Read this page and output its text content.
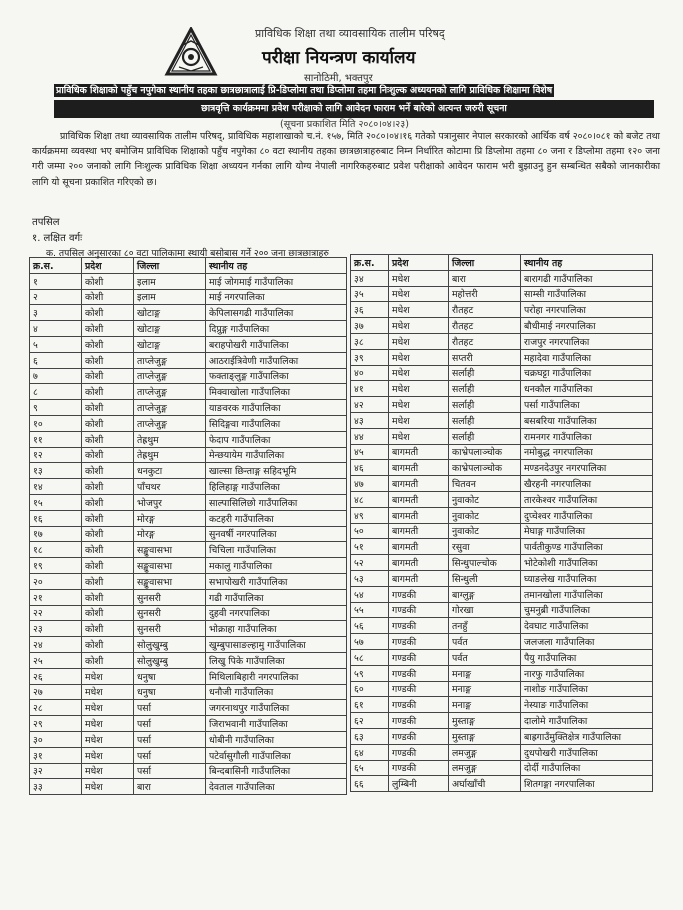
प्राविधिक शिक्षा तथा व्यावसायिक तालीम परिषद्
परीक्षा नियन्त्रण कार्यालय
सानोठिमी, भक्तपुर
प्राविधिक शिक्षाको पहुँच नपुगेका स्थानीय तहका छात्रछात्रालाई प्रि-डिप्लोमा तथा डिप्लोमा तहमा निःशुल्क अध्ययनको लागि प्राविधिक शिक्षामा विशेष
छात्रवृत्ति कार्यक्रममा प्रवेश परीक्षाको लागि आवेदन फाराम भर्ने बारेको अत्यन्त जरुरी सूचना
(सूचना प्रकाशित मिति २०८०।०४।२३)
प्राविधिक शिक्षा तथा व्यावसायिक तालीम परिषद्, प्राविधिक महाशाखाको च.नं. १५७, मिति २०८०।०४।१६ गतेको पत्रानुसार नेपाल सरकारको आर्थिक वर्ष २०८०।०८१ को बजेट तथा कार्यक्रममा व्यवस्था भए बमोजिम प्राविधिक शिक्षाको पहुँच नपुगेका ८० वटा स्थानीय तहका छात्रछात्राहरुबाट निम्न निर्धारित कोटामा प्रि डिप्लोमा तहमा ८० जना र डिप्लोमा तहमा १२० जना गरी जम्मा २०० जनाको लागि निःशुल्क प्राविधिक शिक्षा अध्ययन गर्नका लागि योग्य नेपाली नागरिकहरुबाट प्रवेश परीक्षाको आवेदन फाराम भरी बुझाउनु हुन सम्बन्धित सबैको जानकारीका लागि यो सूचना प्रकाशित गरिएको छ।
तपसिल
१. लक्षित वर्गः
क. तपसिल अनुसारका ८० वटा पालिकामा स्थायी बसोबास गर्ने २०० जना छात्रछात्राहरु
क्र.स.	प्रदेश	जिल्ला	स्थानीय तह
१	कोशी	इलाम	माई जोगमाई गाउँपालिका
२	कोशी	इलाम	माई नगरपालिका
३	कोशी	खोटाङ्ग	केपिलासगढी गाउँपालिका
४	कोशी	खोटाङ्ग	दिप्रुङ्ग गाउँपालिका
५	कोशी	खोटाङ्ग	बराहपोखरी गाउँपालिका
६	कोशी	ताप्लेजुङ्ग	आठराईत्रिवेणी गाउँपालिका
७	कोशी	ताप्लेजुङ्ग	फक्ताङ्लुङ्ग गाउँपालिका
८	कोशी	ताप्लेजुङ्ग	मिक्वाखोला गाउँपालिका
९	कोशी	ताप्लेजुङ्ग	याङवरक गाउँपालिका
१०	कोशी	ताप्लेजुङ्ग	सिदिङ्गवा गाउँपालिका
११	कोशी	तेह्रथुम	फेदाप गाउँपालिका
१२	कोशी	तेह्रथुम	मेन्छयायेम गाउँपालिका
१३	कोशी	धनकुटा	खाल्सा छिन्ताङ्ग सहिदभूमि
१४	कोशी	पाँचथर	हिलिहाङ्ग गाउँपालिका
१५	कोशी	भोजपुर	साल्पासिलिछो गाउँपालिका
१६	कोशी	मोरङ्ग	कटहरी गाउँपालिका
१७	कोशी	मोरङ्ग	सुनवर्षी नगरपालिका
१८	कोशी	सङ्खुवासभा	चिचिला गाउँपालिका
१९	कोशी	सङ्खुवासभा	मकालु गाउँपालिका
२०	कोशी	सङ्खुवासभा	सभापोखरी गाउँपालिका
२१	कोशी	सुनसरी	गढी गाउँपालिका
२२	कोशी	सुनसरी	दुहवी नगरपालिका
२३	कोशी	सुनसरी	भोक्राहा गाउँपालिका
२४	कोशी	सोलुखुम्बु	खुम्बुपासाङल्हामु गाउँपालिका
२५	कोशी	सोलुखुम्बु	लिखु पिके गाउँपालिका
२६	मधेश	धनुषा	मिथिलाबिहारी नगरपालिका
२७	मधेश	धनुषा	धनौजी गाउँपालिका
२८	मधेश	पर्सा	जगरनाथपुर गाउँपालिका
२९	मधेश	पर्सा	जिराभवानी गाउँपालिका
३०	मधेश	पर्सा	धोबीनी गाउँपालिका
३१	मधेश	पर्सा	पटेर्वासुगौली गाउँपालिका
३२	मधेश	पर्सा	बिन्दबासिनी गाउँपालिका
३३	मधेश	बारा	देवताल गाउँपालिका
क्र.स.	प्रदेश	जिल्ला	स्थानीय तह
३४	मधेश	बारा	बारागढी गाउँपालिका
३५	मधेश	महोत्तरी	साम्सी गाउँपालिका
३६	मधेश	रौतहट	परोहा नगरपालिका
३७	मधेश	रौतहट	बौधीमाई नगरपालिका
३८	मधेश	रौतहट	राजपुर नगरपालिका
३९	मधेश	सप्तरी	महादेवा गाउँपालिका
४०	मधेश	सर्लाही	चक्रघट्टा गाउँपालिका
४१	मधेश	सर्लाही	धनकौल गाउँपालिका
४२	मधेश	सर्लाही	पर्सा गाउँपालिका
४३	मधेश	सर्लाही	बसबरिया गाउँपालिका
४४	मधेश	सर्लाही	रामनगर गाउँपालिका
४५	बागमती	काभ्रेपलाञ्चोक	नमोबुद्ध नगरपालिका
४६	बागमती	काभ्रेपलाञ्चोक	मण्डनदेउपुर नगरपालिका
४७	बागमती	चितवन	खैरहनी नगरपालिका
४८	बागमती	नुवाकोट	तारकेश्वर गाउँपालिका
४९	बागमती	नुवाकोट	दुप्चेश्वर गाउँपालिका
५०	बागमती	नुवाकोट	मेघाङ्ग गाउँपालिका
५१	बागमती	रसुवा	पार्वतीकुण्ड गाउँपालिका
५२	बागमती	सिन्धुपाल्चोक	भोटेकोशी गाउँपालिका
५३	बागमती	सिन्धुली	घ्याङलेख गाउँपालिका
५४	गण्डकी	बाग्लुङ्ग	तमानखोला गाउँपालिका
५५	गण्डकी	गोरखा	चुमनुब्री गाउँपालिका
५६	गण्डकी	तनहुँ	देवघाट गाउँपालिका
५७	गण्डकी	पर्वत	जलजला गाउँपालिका
५८	गण्डकी	पर्वत	पैयु गाउँपालिका
५९	गण्डकी	मनाङ्ग	नारफु गाउँपालिका
६०	गण्डकी	मनाङ्ग	नाशोङ गाउँपालिका
६१	गण्डकी	मनाङ्ग	नेस्याङ गाउँपालिका
६२	गण्डकी	मुस्ताङ्ग	दालोमे गाउँपालिका
६३	गण्डकी	मुस्ताङ्ग	बाह्रगाउँमुक्तिक्षेत्र गाउँपालिका
६४	गण्डकी	लमजुङ्ग	दुधपोखरी गाउँपालिका
६५	गण्डकी	लमजुङ्ग	दोर्दी गाउँपालिका
६६	लुम्बिनी	अर्घाखाँची	शितगङ्गा नगरपालिका
